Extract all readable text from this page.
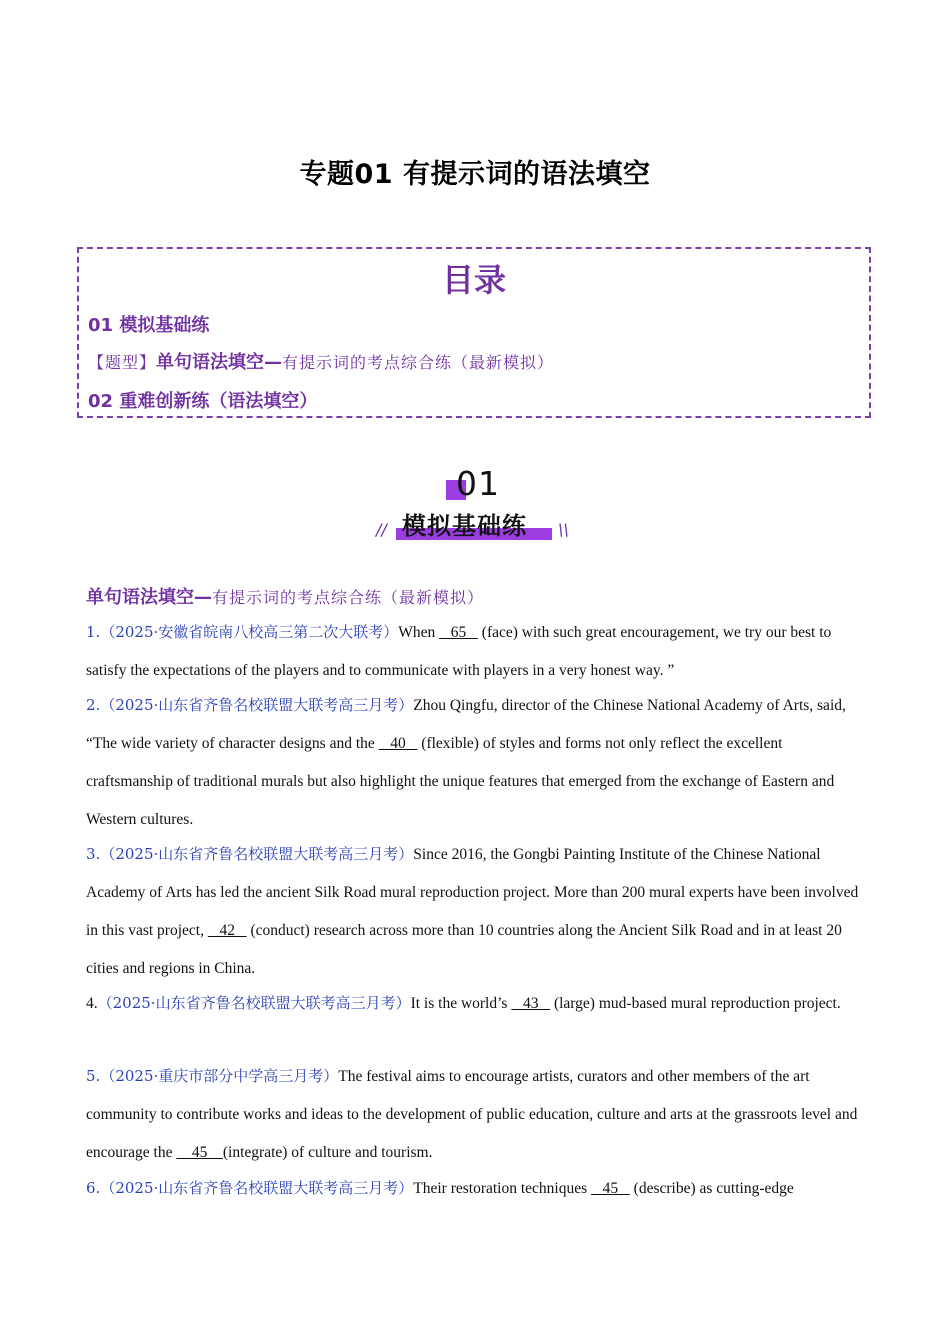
专题01 有提示词的语法填空
目录
01 模拟基础练
【题型】单句语法填空—有提示词的考点综合练（最新模拟）
02 重难创新练（语法填空）
01
模拟基础练
//	\\
单句语法填空—有提示词的考点综合练（最新模拟）
1.（2025·安徽省皖南八校高三第二次大联考）When    65    (face) with such great encouragement, we try our best to satisfy the expectations of the players and to communicate with players in a very honest way. ”
2.（2025·山东省齐鲁名校联盟大联考高三月考）Zhou Qingfu, director of the Chinese National Academy of Arts, said, “The wide variety of character designs and the    40    (flexible) of styles and forms not only reflect the excellent craftsmanship of traditional murals but also highlight the unique features that emerged from the exchange of Eastern and Western cultures.
3.（2025·山东省齐鲁名校联盟大联考高三月考）Since 2016, the Gongbi Painting Institute of the Chinese National Academy of Arts has led the ancient Silk Road mural reproduction project. More than 200 mural experts have been involved in this vast project,    42    (conduct) research across more than 10 countries along the Ancient Silk Road and in at least 20 cities and regions in China.
4.（2025·山东省齐鲁名校联盟大联考高三月考）It is the world’s    43    (large) mud-based mural reproduction project.
5.（2025·重庆市部分中学高三月考）The festival aims to encourage artists, curators and other members of the art community to contribute works and ideas to the development of public education, culture and arts at the grassroots level and encourage the     45    (integrate) of culture and tourism.
6.（2025·山东省齐鲁名校联盟大联考高三月考）Their restoration techniques    45    (describe) as cutting-edge
